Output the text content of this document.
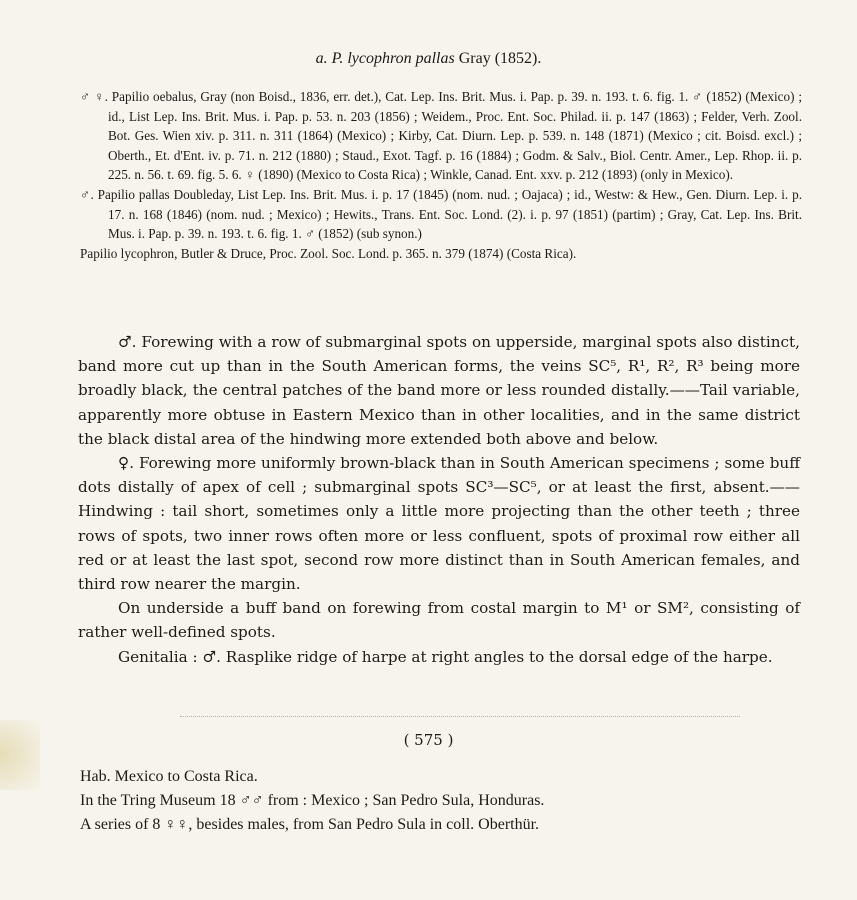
a. P. lycophron pallas Gray (1852).

♂ ♀. Papilio oebalus, Gray (non Boisd., 1836, err. det.), Cat. Lep. Ins. Brit. Mus. i. Pap. p. 39. n. 193. t. 6. fig. 1. ♂ (1852) (Mexico) ; id., List Lep. Ins. Brit. Mus. i. Pap. p. 53. n. 203 (1856) ; Weidem., Proc. Ent. Soc. Philad. ii. p. 147 (1863) ; Felder, Verh. Zool. Bot. Ges. Wien xiv. p. 311. n. 311 (1864) (Mexico) ; Kirby, Cat. Diurn. Lep. p. 539. n. 148 (1871) (Mexico ; cit. Boisd. excl.) ; Oberth., Et. d'Ent. iv. p. 71. n. 212 (1880) ; Staud., Exot. Tagf. p. 16 (1884) ; Godm. & Salv., Biol. Centr. Amer., Lep. Rhop. ii. p. 225. n. 56. t. 69. fig. 5. 6. ♀ (1890) (Mexico to Costa Rica) ; Winkle, Canad. Ent. xxv. p. 212 (1893) (only in Mexico).

♂. Papilio pallas Doubleday, List Lep. Ins. Brit. Mus. i. p. 17 (1845) (nom. nud. ; Oajaca) ; id., Westw: & Hew., Gen. Diurn. Lep. i. p. 17. n. 168 (1846) (nom. nud. ; Mexico) ; Hewits., Trans. Ent. Soc. Lond. (2). i. p. 97 (1851) (partim) ; Gray, Cat. Lep. Ins. Brit. Mus. i. Pap. p. 39. n. 193. t. 6. fig. 1. ♂ (1852) (sub synon.)

Papilio lycophron, Butler & Druce, Proc. Zool. Soc. Lond. p. 365. n. 379 (1874) (Costa Rica).

♂. Forewing with a row of submarginal spots on upperside, marginal spots also distinct, band more cut up than in the South American forms, the veins SC⁵, R¹, R², R³ being more broadly black, the central patches of the band more or less rounded distally.——Tail variable, apparently more obtuse in Eastern Mexico than in other localities, and in the same district the black distal area of the hindwing more extended both above and below.

♀. Forewing more uniformly brown-black than in South American specimens ; some buff dots distally of apex of cell ; submarginal spots SC³—SC⁵, or at least the first, absent.——Hindwing : tail short, sometimes only a little more projecting than the other teeth ; three rows of spots, two inner rows often more or less confluent, spots of proximal row either all red or at least the last spot, second row more distinct than in South American females, and third row nearer the margin.

On underside a buff band on forewing from costal margin to M¹ or SM², consisting of rather well-defined spots.

Genitalia : ♂. Rasplike ridge of harpe at right angles to the dorsal edge of the harpe.

( 575 )

Hab. Mexico to Costa Rica.

In the Tring Museum 18 ♂♂ from : Mexico ; San Pedro Sula, Honduras.

A series of 8 ♀♀, besides males, from San Pedro Sula in coll. Oberthür.
